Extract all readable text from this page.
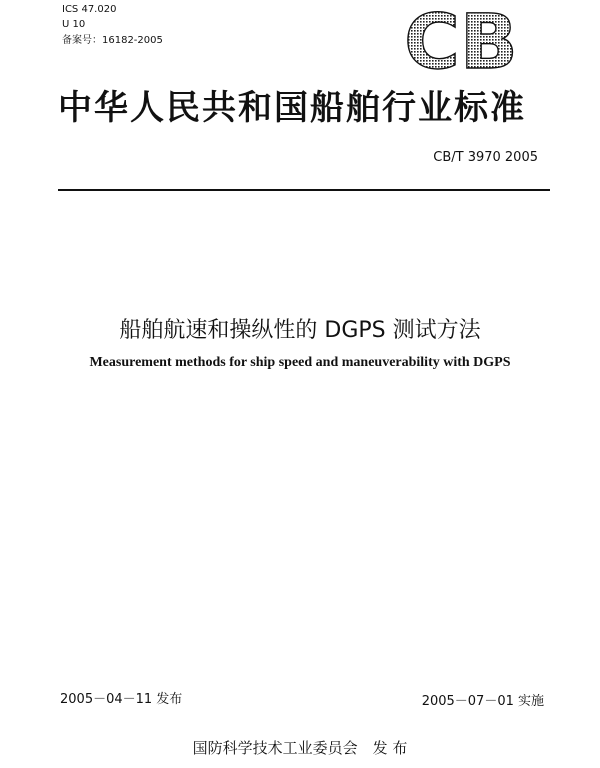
ICS 47.020
U 10
备案号：16182-2005	CB
中华人民共和国船舶行业标准
CB/T 3970 2005
船舶航速和操纵性的 DGPS 测试方法
Measurement methods for ship speed and maneuverability with DGPS
2005－04－11 发布	2005－07－01 实施
国防科学技术工业委员会　发 布
